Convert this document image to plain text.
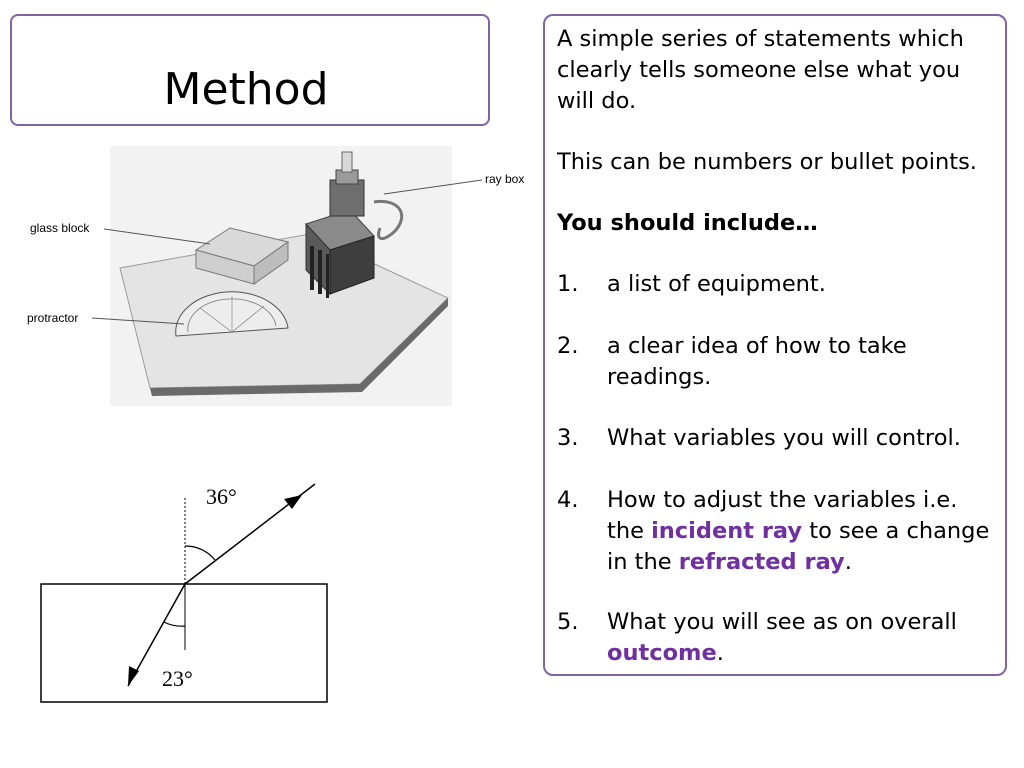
Method
A simple series of statements which clearly tells someone else what you will do.
This can be numbers or bullet points.
You should include…
1. a list of equipment.
2. a clear idea of how to take readings.
3. What variables you will control.
4. How to adjust the variables i.e. the incident ray to see a change in the refracted ray.
5. What you will see as on overall outcome.
ray box
glass block
protractor
36°
23°
